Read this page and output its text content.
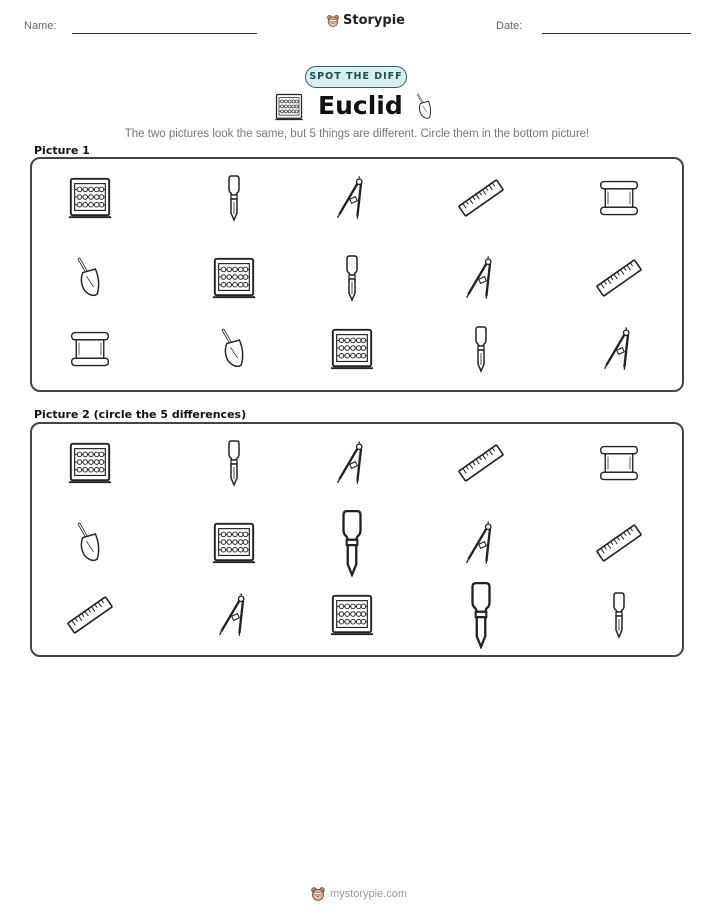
Name:	Storypie	Date:
SPOT THE DIFF
Euclid
The two pictures look the same, but 5 things are different. Circle them in the bottom picture!
Picture 1
Picture 2 (circle the 5 differences)
mystorypie.com
